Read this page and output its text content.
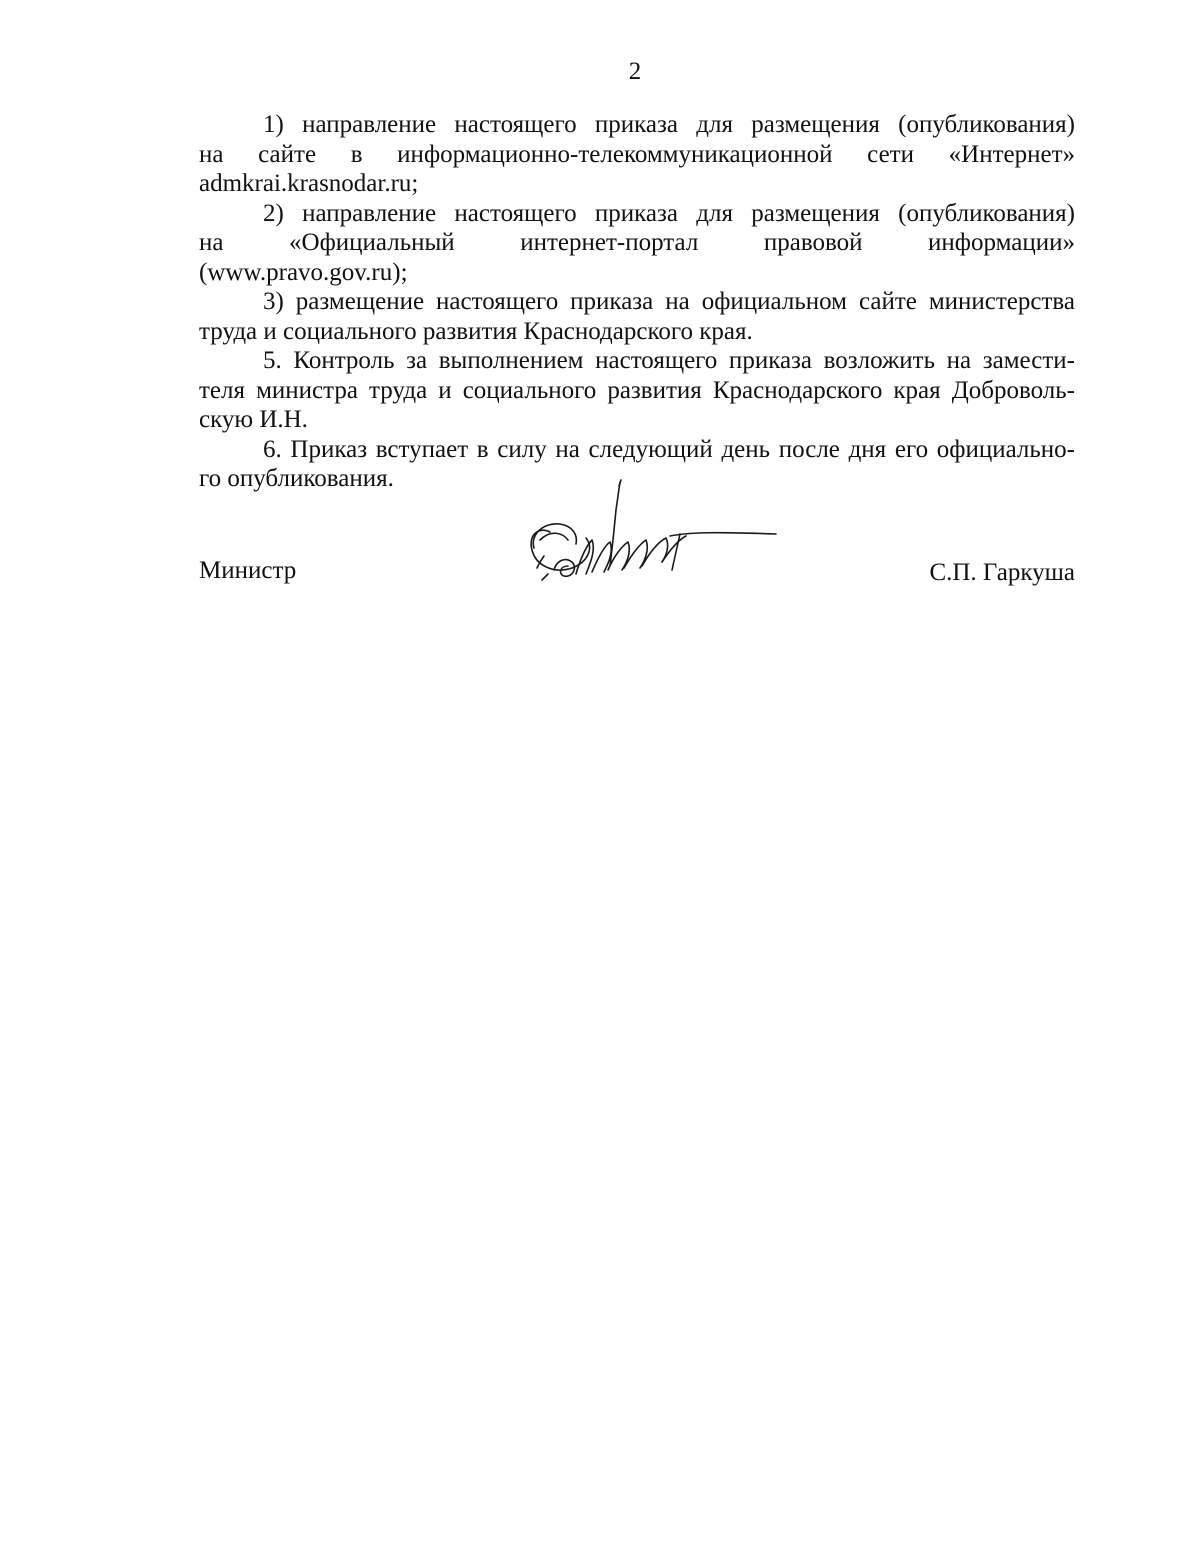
2

1) направление настоящего приказа для размещения (опубликования)
на сайте в информационно-телекоммуникационной сети «Интернет»
admkrai.krasnodar.ru;

2) направление настоящего приказа для размещения (опубликования)
на «Официальный интернет-портал правовой информации»
(www.pravo.gov.ru);

3) размещение настоящего приказа на официальном сайте министерства
труда и социального развития Краснодарского края.

5. Контроль за выполнением настоящего приказа возложить на замести-
теля министра труда и социального развития Краснодарского края Доброволь-
скую И.Н.

6. Приказ вступает в силу на следующий день после дня его официально-
го опубликования.

Министр	С.П. Гаркуша
